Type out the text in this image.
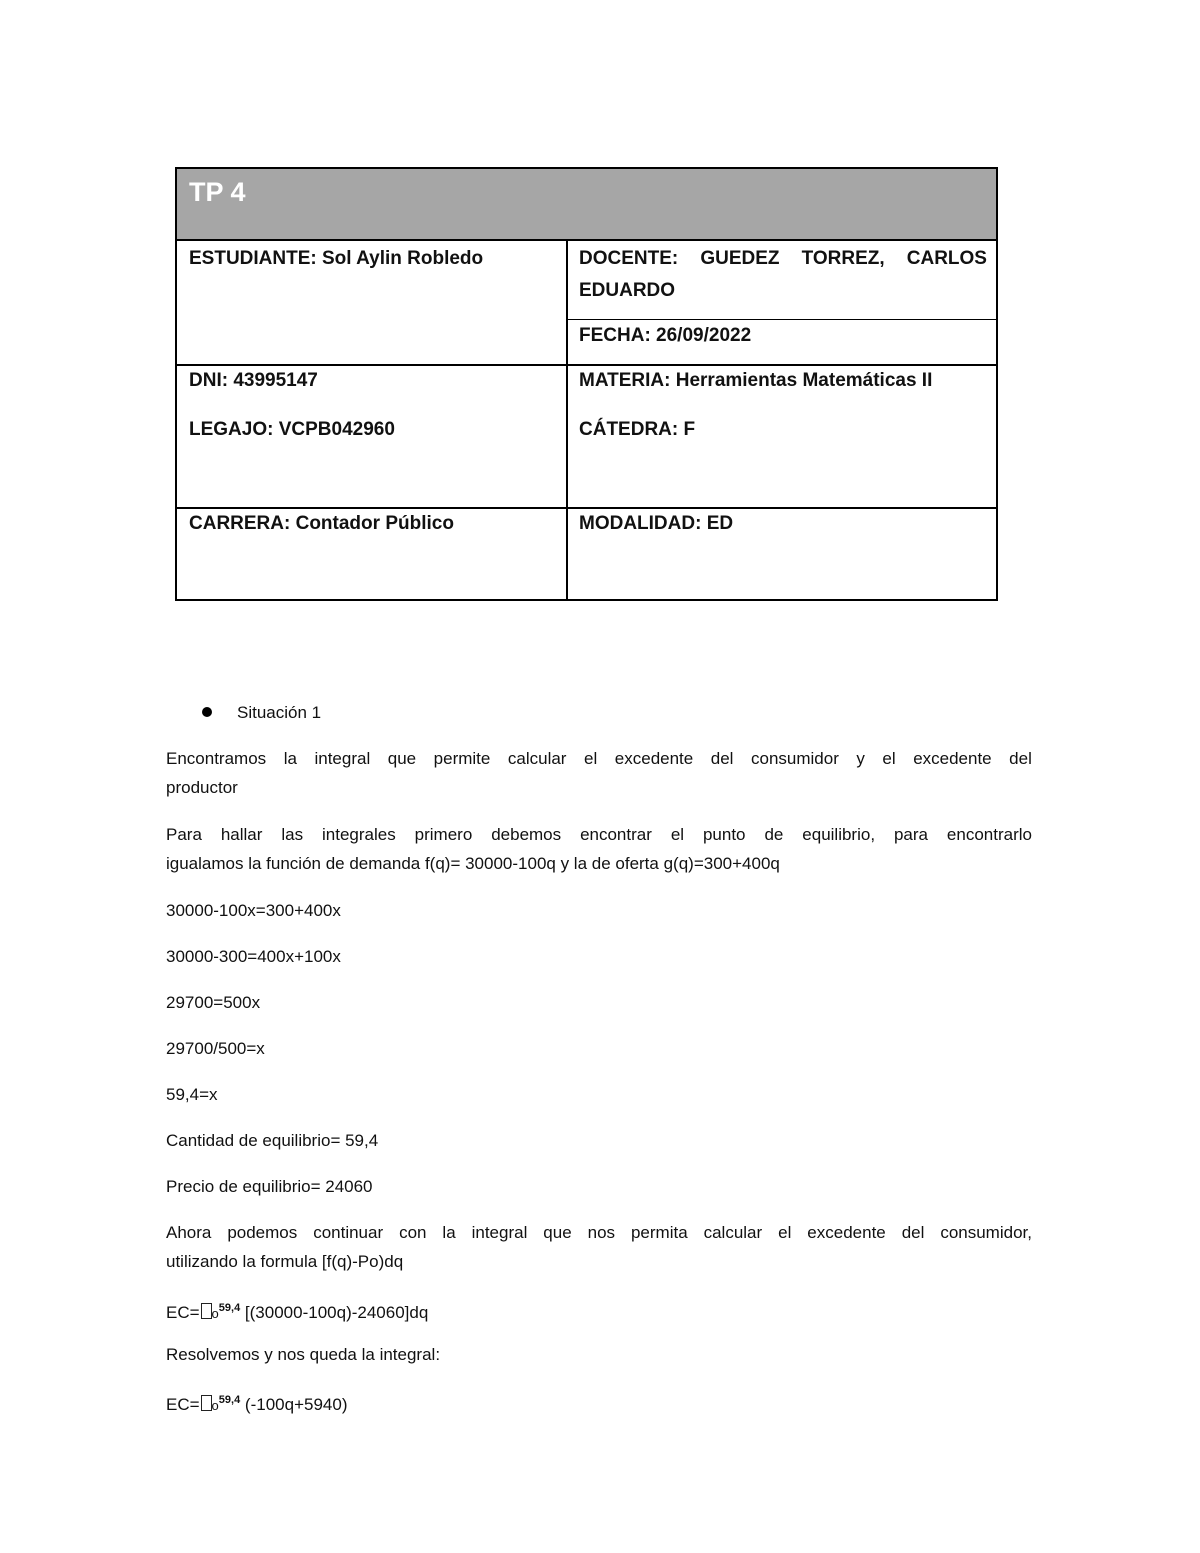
TP 4
ESTUDIANTE: Sol Aylin Robledo	DOCENTE: GUEDEZ TORREZ, CARLOS
EDUARDO
FECHA: 26/09/2022
DNI: 43995147
LEGAJO: VCPB042960
MATERIA: Herramientas Matemáticas II
CÁTEDRA: F
CARRERA: Contador Público	MODALIDAD: ED
Situación 1
Encontramos la integral que permite calcular el excedente del consumidor y el excedente del
productor
Para hallar las integrales primero debemos encontrar el punto de equilibrio, para encontrarlo
igualamos la función de demanda f(q)= 30000-100q y la de oferta g(q)=300+400q
30000-100x=300+400x
30000-300=400x+100x
29700=500x
29700/500=x
59,4=x
Cantidad de equilibrio= 59,4
Precio de equilibrio= 24060
Ahora podemos continuar con la integral que nos permita calcular el excedente del consumidor,
utilizando la formula [f(q)-Po)dq
$EC= o^{59,4}$ [(30000-100q)-24060]dq
Resolvemos y nos queda la integral:
$EC= o^{59,4}$ (-100q+5940)
